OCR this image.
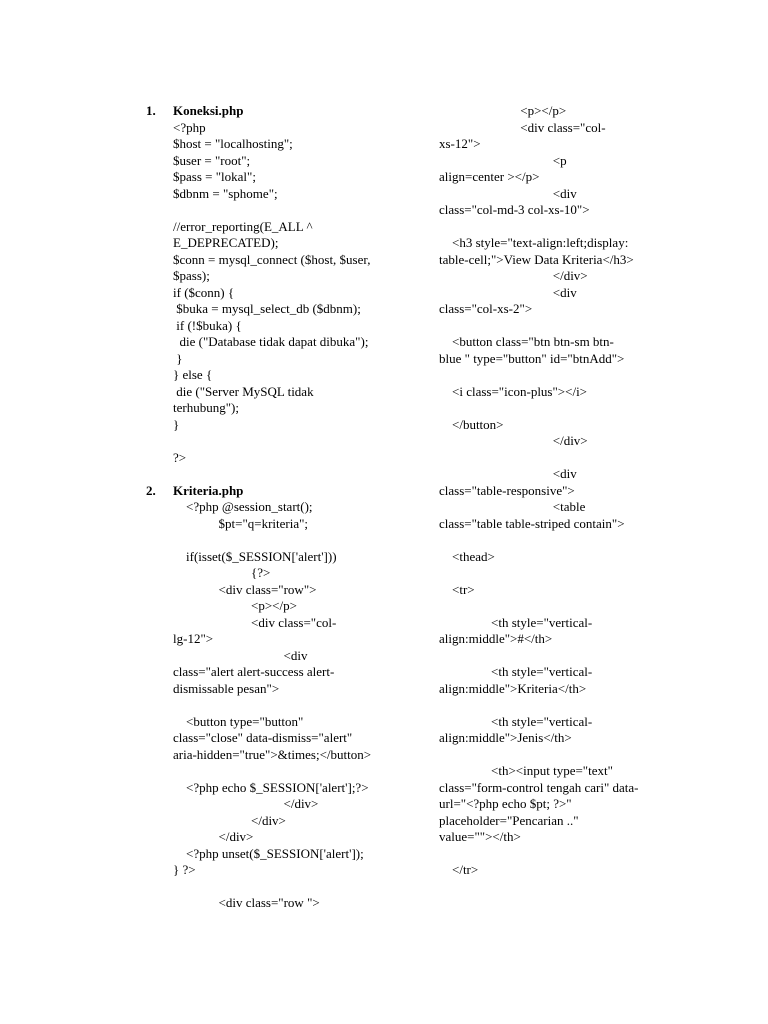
1. Koneksi.php
<?php
$host = "localhosting";
$user = "root";
$pass = "lokal";
$dbnm = "sphome";
//error_reporting(E_ALL ^
E_DEPRECATED);
$conn = mysql_connect ($host, $user,
$pass);
if ($conn) {
$buka = mysql_select_db ($dbnm);
if (!$buka) {
die ("Database tidak dapat dibuka");
}
} else {
die ("Server MySQL tidak
terhubung");
}
?>
2. Kriteria.php
<?php @session_start();
$pt="q=kriteria";
if(isset($_SESSION['alert']))
{?>
<div class="row">
<p></p>
<div class="col-
lg-12">
<div
class="alert alert-success alert-
dismissable pesan">
<button type="button"
class="close" data-dismiss="alert"
aria-hidden="true">&times;</button>
<?php echo $_SESSION['alert'];?>
</div>
</div>
</div>
<?php unset($_SESSION['alert']);
} ?>
<div class="row ">
<p></p>
<div class="col-
xs-12">
<p
align=center ></p>
<div
class="col-md-3 col-xs-10">
<h3 style="text-align:left;display:
table-cell;">View Data Kriteria</h3>
</div>
<div
class="col-xs-2">
<button class="btn btn-sm btn-
blue " type="button" id="btnAdd">
<i class="icon-plus"></i>
</button>
</div>
<div
class="table-responsive">
<table
class="table table-striped contain">
<thead>
<tr>
<th style="vertical-
align:middle">#</th>
<th style="vertical-
align:middle">Kriteria</th>
<th style="vertical-
align:middle">Jenis</th>
<th><input type="text"
class="form-control tengah cari" data-
url="<?php echo $pt; ?>"
placeholder="Pencarian .."
value=""></th>
</tr>
